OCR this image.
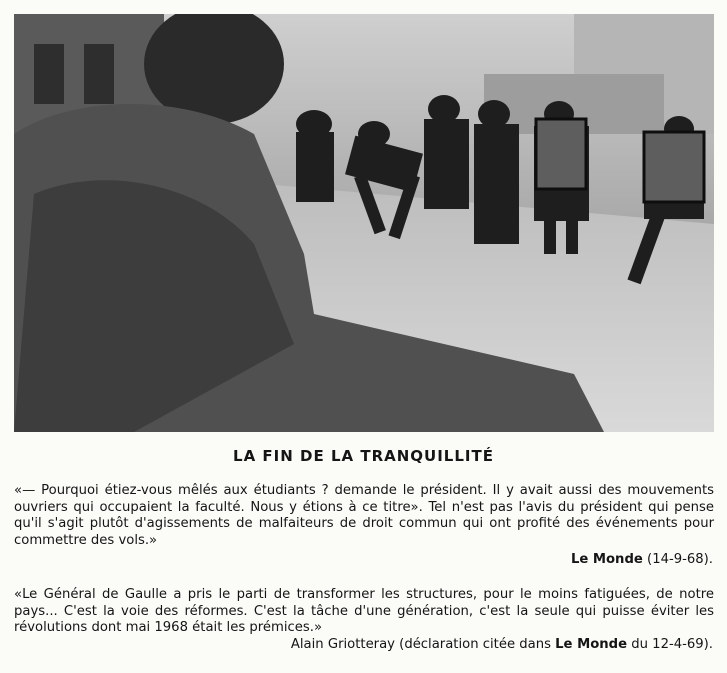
LA FIN DE LA TRANQUILLITÉ
«— Pourquoi étiez-vous mêlés aux étudiants ? demande le président. Il y avait aussi des mouvements ouvriers qui occupaient la faculté. Nous y étions à ce titre». Tel n'est pas l'avis du président qui pense qu'il s'agit plutôt d'agissements de malfaiteurs de droit commun qui ont profité des événements pour commettre des vols.»
Le Monde (14-9-68).
«Le Général de Gaulle a pris le parti de transformer les structures, pour le moins fatiguées, de notre pays... C'est la voie des réformes. C'est la tâche d'une génération, c'est la seule qui puisse éviter les révolutions dont mai 1968 était les prémices.»
Alain Griotteray (déclaration citée dans Le Monde du 12-4-69).
